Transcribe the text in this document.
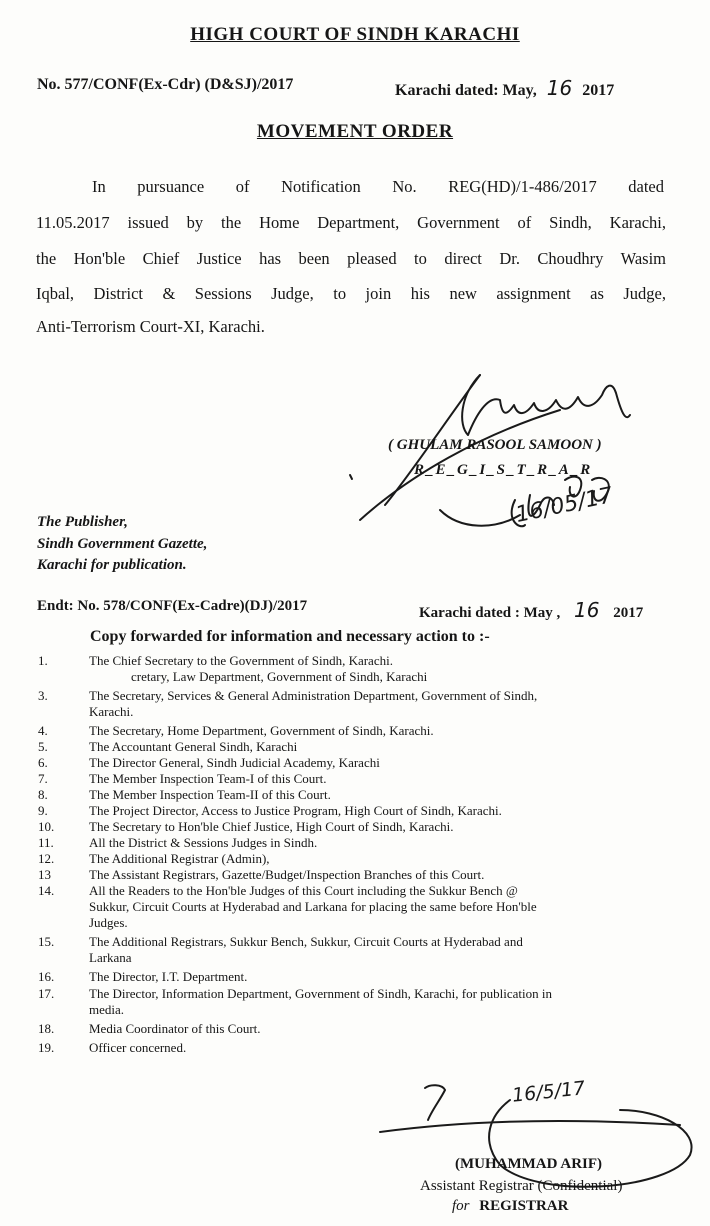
HIGH COURT OF SINDH KARACHI
No. 577/CONF(Ex-Cdr) (D&SJ)/2017	Karachi dated: May, 16 2017
MOVEMENT ORDER
In pursuance of Notification No. REG(HD)/1-486/2017 dated
11.05.2017 issued by the Home Department, Government of Sindh, Karachi,
the Hon'ble Chief Justice has been pleased to direct Dr. Choudhry Wasim
Iqbal, District & Sessions Judge, to join his new assignment as Judge,
Anti-Terrorism Court-XI, Karachi.
( GHULAM RASOOL SAMOON )
R_E_G_I_S_T_R_A_R
16/05/17
The Publisher,
Sindh Government Gazette,
Karachi for publication.
Endt: No. 578/CONF(Ex-Cadre)(DJ)/2017	Karachi dated : May , 16 2017
Copy forwarded for information and necessary action to :-
1.	The Chief Secretary to the Government of Sindh, Karachi.
cretary, Law Department, Government of Sindh, Karachi
3.	The Secretary, Services & General Administration Department, Government of Sindh,
Karachi.
4.	The Secretary, Home Department, Government of Sindh, Karachi.
5.	The Accountant General Sindh, Karachi
6.	The Director General, Sindh Judicial Academy, Karachi
7.	The Member Inspection Team-I of this Court.
8.	The Member Inspection Team-II of this Court.
9.	The Project Director, Access to Justice Program, High Court of Sindh, Karachi.
10.	The Secretary to Hon'ble Chief Justice, High Court of Sindh, Karachi.
11.	All the District & Sessions Judges in Sindh.
12.	The Additional Registrar (Admin),
13	The Assistant Registrars, Gazette/Budget/Inspection Branches of this Court.
14.	All the Readers to the Hon'ble Judges of this Court including the Sukkur Bench @
Sukkur, Circuit Courts at Hyderabad and Larkana for placing the same before Hon'ble
Judges.
15.	The Additional Registrars, Sukkur Bench, Sukkur, Circuit Courts at Hyderabad and
Larkana
16.	The Director, I.T. Department.
17.	The Director, Information Department, Government of Sindh, Karachi, for publication in
media.
18.	Media Coordinator of this Court.
19.	Officer concerned.
16/5/17
(MUHAMMAD ARIF)
Assistant Registrar (Confidential)
for REGISTRAR
